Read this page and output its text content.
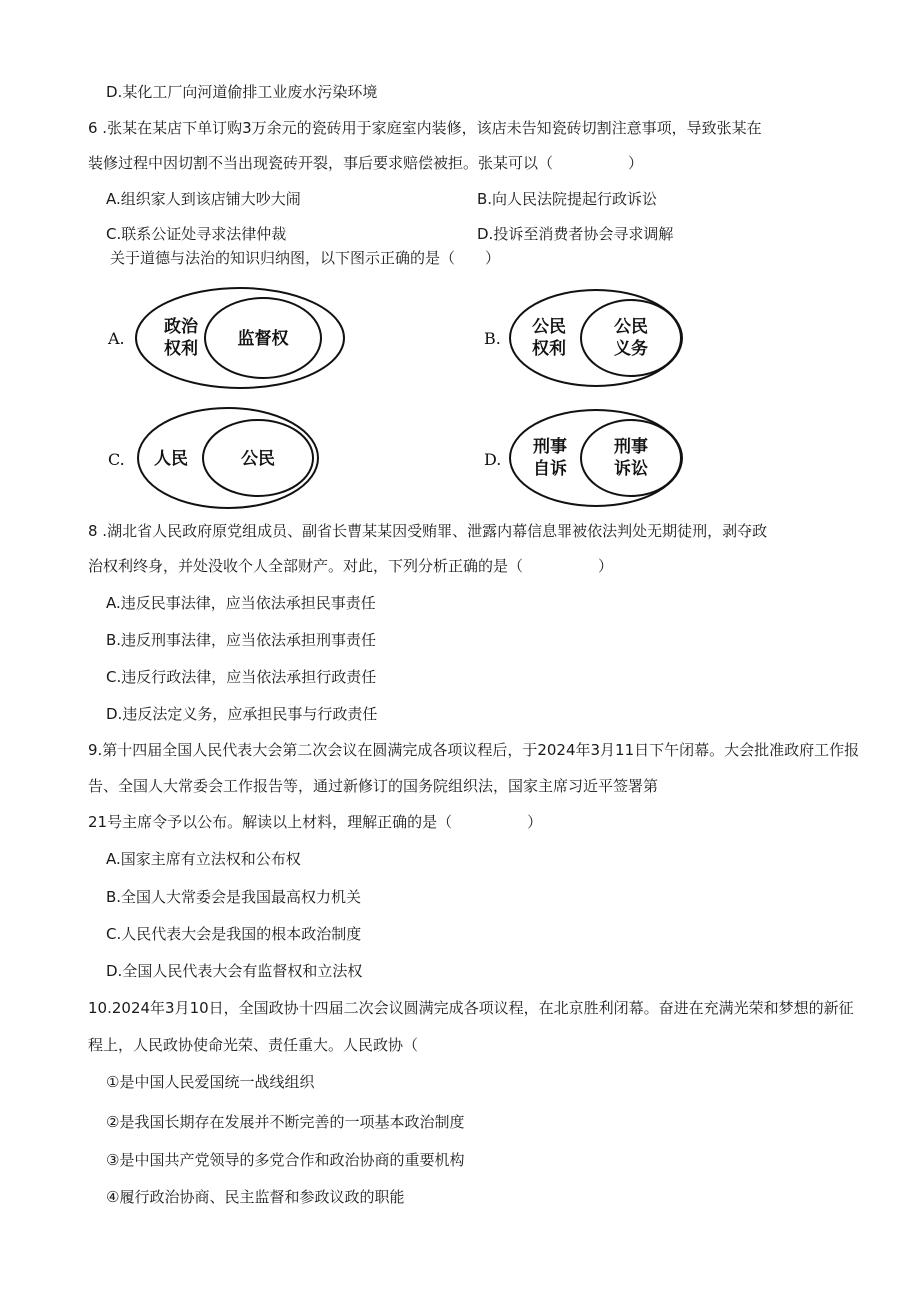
D.某化工厂向河道偷排工业废水污染环境
6 .张某在某店下单订购3万余元的瓷砖用于家庭室内装修，该店未告知瓷砖切割注意事项，导致张某在
装修过程中因切割不当出现瓷砖开裂，事后要求赔偿被拒。张某可以（　　　　　）
A.组织家人到该店铺大吵大闹	B.向人民法院提起行政诉讼
C.联系公证处寻求法律仲裁	D.投诉至消费者协会寻求调解
关于道德与法治的知识归纳图，以下图示正确的是（　　）
A.
政治
权利 监督权	B.
公民
权利
公民
义务
C. 人民	公民	D.
刑事
自诉
刑事
诉讼
8 .湖北省人民政府原党组成员、副省长曹某某因受贿罪、泄露内幕信息罪被依法判处无期徒刑，剥夺政
治权利终身，并处没收个人全部财产。对此，下列分析正确的是（　　　　　）
A.违反民事法律，应当依法承担民事责任
B.违反刑事法律，应当依法承担刑事责任
C.违反行政法律，应当依法承担行政责任
D.违反法定义务，应承担民事与行政责任
9.第十四届全国人民代表大会第二次会议在圆满完成各项议程后，于2024年3月11日下午闭幕。大会批准政府工作报
告、全国人大常委会工作报告等，通过新修订的国务院组织法，国家主席习近平签署第
21号主席令予以公布。解读以上材料，理解正确的是（　　　　　）
A.国家主席有立法权和公布权
B.全国人大常委会是我国最高权力机关
C.人民代表大会是我国的根本政治制度
D.全国人民代表大会有监督权和立法权
10.2024年3月10日，全国政协十四届二次会议圆满完成各项议程，在北京胜利闭幕。奋进在充满光荣和梦想的新征
程上，人民政协使命光荣、责任重大。人民政协（
①是中国人民爱国统一战线组织
②是我国长期存在发展并不断完善的一项基本政治制度
③是中国共产党领导的多党合作和政治协商的重要机构
④履行政治协商、民主监督和参政议政的职能
